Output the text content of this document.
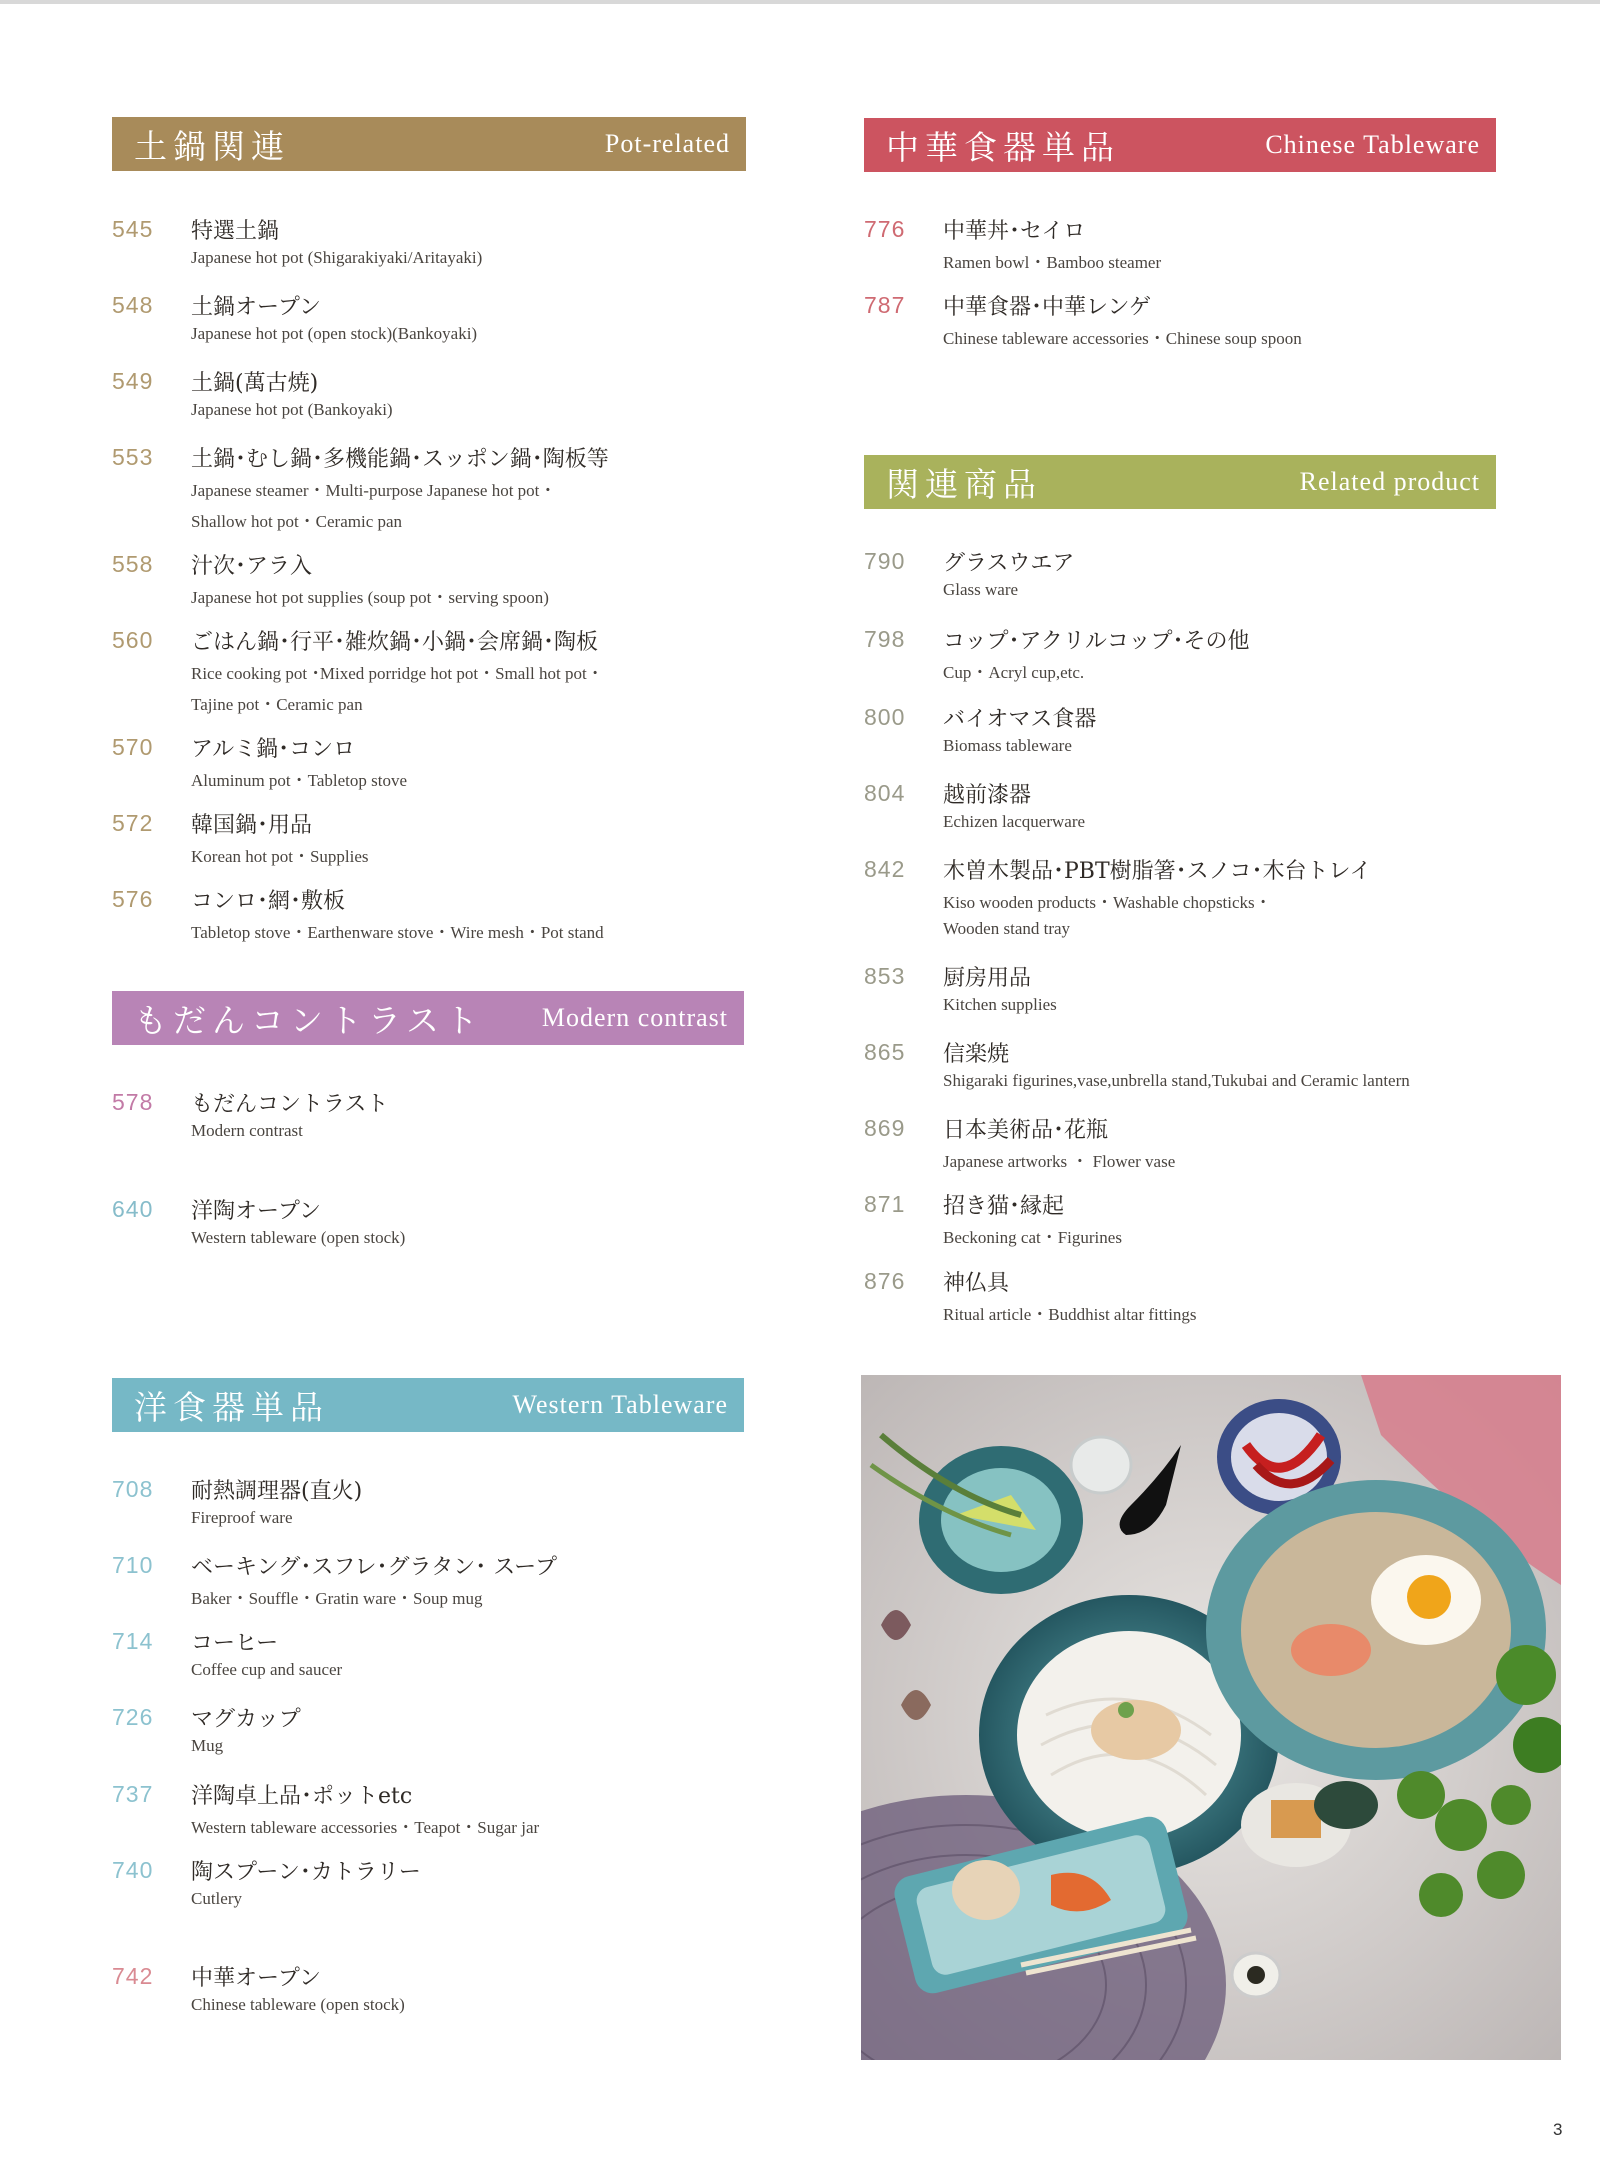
土鍋関連	Pot-related
545 特選土鍋
Japanese hot pot (Shigarakiyaki/Aritayaki)
548 土鍋オープン
Japanese hot pot (open stock)(Bankoyaki)
549 土鍋(萬古焼)
Japanese hot pot (Bankoyaki)
553 土鍋･むし鍋･多機能鍋･スッポン鍋･陶板等
Japanese steamer・Multi-purpose Japanese hot pot・
Shallow hot pot・Ceramic pan
558 汁次･アラ入
Japanese hot pot supplies (soup pot・serving spoon)
560 ごはん鍋･行平･雑炊鍋･小鍋･会席鍋･陶板
Rice cooking pot ･Mixed porridge hot pot・Small hot pot・
Tajine pot・Ceramic pan
570 アルミ鍋･コンロ
Aluminum pot・Tabletop stove
572 韓国鍋･用品
Korean hot pot・Supplies
576 コンロ･網･敷板
Tabletop stove・Earthenware stove・Wire mesh・Pot stand
もだんコントラスト Modern contrast
578 もだんコントラスト
Modern contrast
640 洋陶オープン
Western tableware (open stock)
洋食器単品	Western Tableware
708 耐熱調理器(直火)
Fireproof ware
710 ベーキング･スフレ･グラタン･ スープ
Baker・Souffle・Gratin ware・Soup mug
714 コーヒー
Coffee cup and saucer
726 マグカップ
Mug
737 洋陶卓上品･ポットetc
Western tableware accessories・Teapot・Sugar jar
740 陶スプーン･カトラリー
Cutlery
742 中華オープン
Chinese tableware (open stock)
中華食器単品	Chinese Tableware
776 中華丼･セイロ
Ramen bowl・Bamboo steamer
787 中華食器･中華レンゲ
Chinese tableware accessories・Chinese soup spoon
関連商品	Related product
790 グラスウエア
Glass ware
798 コップ･アクリルコップ･その他
Cup・Acryl cup,etc.
800 バイオマス食器
Biomass tableware
804 越前漆器
Echizen lacquerware
842 木曽木製品･PBT樹脂箸･スノコ･木台トレイ
Kiso wooden products・Washable chopsticks・
Wooden stand tray
853 厨房用品
Kitchen supplies
865 信楽焼
Shigaraki figurines,vase,unbrella stand,Tukubai and Ceramic lantern
869 日本美術品･花瓶
Japanese artworks ・ Flower vase
871 招き猫･縁起
Beckoning cat・Figurines
876 神仏具
Ritual article・Buddhist altar fittings
3
